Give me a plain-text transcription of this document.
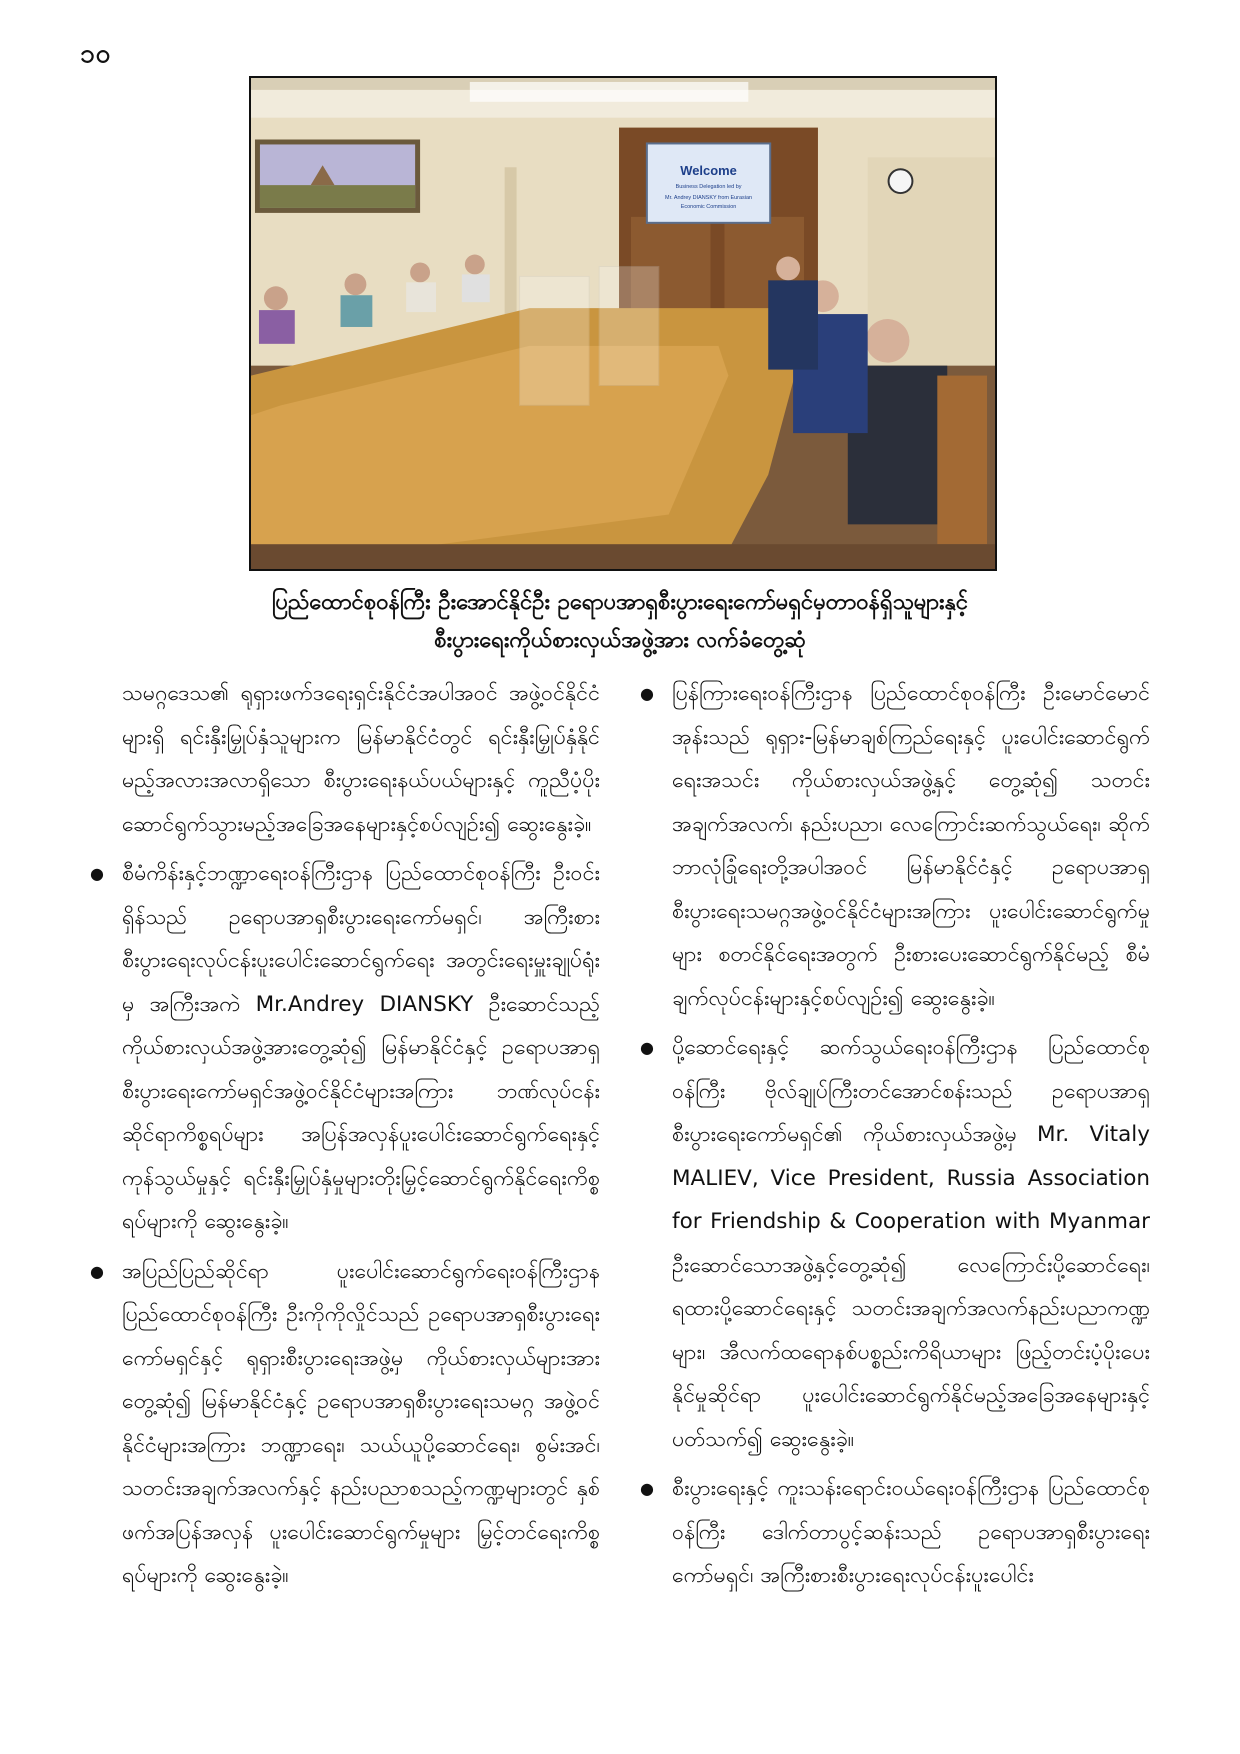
၁၀
Welcome
Business Delegation led by
Mr. Andrey DIANSKY from Eurasian
Economic Commission
ပြည်ထောင်စုဝန်ကြီး ဦးအောင်နိုင်ဦး ဥရောပအာရှစီးပွားရေးကော်မရှင်မှတာဝန်ရှိသူများနှင့်
စီးပွားရေးကိုယ်စားလှယ်အဖွဲ့အား လက်ခံတွေ့ဆုံ

သမဂ္ဂဒေသ၏ ရုရှားဖက်ဒရေးရှင်းနိုင်ငံအပါအဝင် အဖွဲ့ဝင်နိုင်ငံများရှိ ရင်းနှီးမြှုပ်နှံသူများက မြန်မာနိုင်ငံတွင် ရင်းနှီးမြှုပ်နှံနိုင်မည့်အလားအလာရှိသော စီးပွားရေးနယ်ပယ်များနှင့် ကူညီပံ့ပိုးဆောင်ရွက်သွားမည့်အခြေအနေများနှင့်စပ်လျဉ်း၍ ဆွေးနွေးခဲ့။

● စီမံကိန်းနှင့်ဘဏ္ဍာရေးဝန်ကြီးဌာန ပြည်ထောင်စုဝန်ကြီး ဦးဝင်းရှိန်သည် ဥရောပအာရှစီးပွားရေးကော်မရှင်၊ အကြီးစားစီးပွားရေးလုပ်ငန်းပူးပေါင်းဆောင်ရွက်ရေး အတွင်းရေးမှူးချုပ်ရုံးမှ အကြီးအကဲ Mr.Andrey DIANSKY ဦးဆောင်သည့်ကိုယ်စားလှယ်အဖွဲ့အားတွေ့ဆုံ၍ မြန်မာနိုင်ငံနှင့် ဥရောပအာရှစီးပွားရေးကော်မရှင်အဖွဲ့ဝင်နိုင်ငံများအကြား ဘဏ်လုပ်ငန်းဆိုင်ရာကိစ္စရပ်များ အပြန်အလှန်ပူးပေါင်းဆောင်ရွက်ရေးနှင့် ကုန်သွယ်မှုနှင့် ရင်းနှီးမြှုပ်နှံမှုများတိုးမြှင့်ဆောင်ရွက်နိုင်ရေးကိစ္စရပ်များကို ဆွေးနွေးခဲ့။

● အပြည်ပြည်ဆိုင်ရာ ပူးပေါင်းဆောင်ရွက်ရေးဝန်ကြီးဌာန ပြည်ထောင်စုဝန်ကြီး ဦးကိုကိုလှိုင်သည် ဥရောပအာရှစီးပွားရေးကော်မရှင်နှင့် ရုရှားစီးပွားရေးအဖွဲ့မှ ကိုယ်စားလှယ်များအား တွေ့ဆုံ၍ မြန်မာနိုင်ငံနှင့် ဥရောပအာရှစီးပွားရေးသမဂ္ဂ အဖွဲ့ဝင်နိုင်ငံများအကြား ဘဏ္ဍာရေး၊ သယ်ယူပို့ဆောင်ရေး၊ စွမ်းအင်၊ သတင်းအချက်အလက်နှင့် နည်းပညာစသည့်ကဏ္ဍများတွင် နှစ်ဖက်အပြန်အလှန် ပူးပေါင်းဆောင်ရွက်မှုများ မြှင့်တင်ရေးကိစ္စရပ်များကို ဆွေးနွေးခဲ့။

● ပြန်ကြားရေးဝန်ကြီးဌာန ပြည်ထောင်စုဝန်ကြီး ဦးမောင်မောင်အုန်းသည် ရုရှား-မြန်မာချစ်ကြည်ရေးနှင့် ပူးပေါင်းဆောင်ရွက်ရေးအသင်း ကိုယ်စားလှယ်အဖွဲ့နှင့် တွေ့ဆုံ၍ သတင်းအချက်အလက်၊ နည်းပညာ၊ လေကြောင်းဆက်သွယ်ရေး၊ ဆိုက်ဘာလုံခြုံရေးတို့အပါအဝင် မြန်မာနိုင်ငံနှင့် ဥရောပအာရှစီးပွားရေးသမဂ္ဂအဖွဲ့ဝင်နိုင်ငံများအကြား ပူးပေါင်းဆောင်ရွက်မှုများ စတင်နိုင်ရေးအတွက် ဦးစားပေးဆောင်ရွက်နိုင်မည့် စီမံချက်လုပ်ငန်းများနှင့်စပ်လျဉ်း၍ ဆွေးနွေးခဲ့။

● ပို့ဆောင်ရေးနှင့် ဆက်သွယ်ရေးဝန်ကြီးဌာန ပြည်ထောင်စုဝန်ကြီး ဗိုလ်ချုပ်ကြီးတင်အောင်စန်းသည် ဥရောပအာရှစီးပွားရေးကော်မရှင်၏ ကိုယ်စားလှယ်အဖွဲ့မှ Mr. Vitaly MALIEV, Vice President, Russia Association for Friendship & Cooperation with Myanmar ဦးဆောင်သောအဖွဲ့နှင့်တွေ့ဆုံ၍ လေကြောင်းပို့ဆောင်ရေး၊ ရထားပို့ဆောင်ရေးနှင့် သတင်းအချက်အလက်နည်းပညာကဏ္ဍများ၊ အီလက်ထရောနစ်ပစ္စည်းကိရိယာများ ဖြည့်တင်းပံ့ပိုးပေးနိုင်မှုဆိုင်ရာ ပူးပေါင်းဆောင်ရွက်နိုင်မည့်အခြေအနေများနှင့်ပတ်သက်၍ ဆွေးနွေးခဲ့။

● စီးပွားရေးနှင့် ကူးသန်းရောင်းဝယ်ရေးဝန်ကြီးဌာန ပြည်ထောင်စုဝန်ကြီး ဒေါက်တာပွင့်ဆန်းသည် ဥရောပအာရှစီးပွားရေးကော်မရှင်၊ အကြီးစားစီးပွားရေးလုပ်ငန်းပူးပေါင်း
